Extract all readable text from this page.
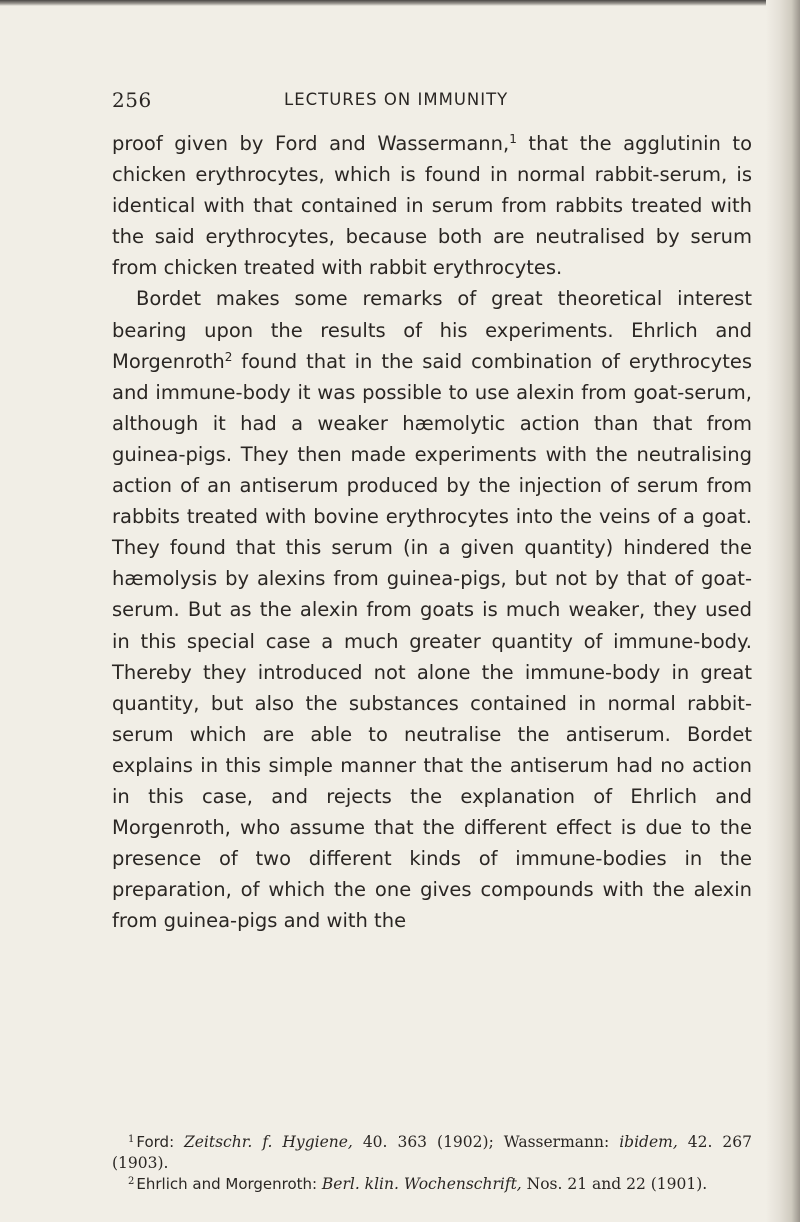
256	LECTURES ON IMMUNITY

proof given by Ford and Wassermann,$^1$ that the agglutinin to chicken erythrocytes, which is found in normal rabbit-serum, is identical with that contained in serum from rabbits treated with the said erythrocytes, because both are neutralised by serum from chicken treated with rabbit erythrocytes.

Bordet makes some remarks of great theoretical interest bearing upon the results of his experiments. Ehrlich and Morgenroth$^2$ found that in the said combination of erythrocytes and immune-body it was possible to use alexin from goat-serum, although it had a weaker hæmolytic action than that from guinea-pigs. They then made experiments with the neutralising action of an antiserum produced by the injection of serum from rabbits treated with bovine erythrocytes into the veins of a goat. They found that this serum (in a given quantity) hindered the hæmolysis by alexins from guinea-pigs, but not by that of goat-serum. But as the alexin from goats is much weaker, they used in this special case a much greater quantity of immune-body. Thereby they introduced not alone the immune-body in great quantity, but also the substances contained in normal rabbit-serum which are able to neutralise the antiserum. Bordet explains in this simple manner that the antiserum had no action in this case, and rejects the explanation of Ehrlich and Morgenroth, who assume that the different effect is due to the presence of two different kinds of immune-bodies in the preparation, of which the one gives compounds with the alexin from guinea-pigs and with the

$^1$ Ford: Zeitschr. f. Hygiene, 40. 363 (1902); Wassermann: ibidem, 42. 267 (1903).

$^2$ Ehrlich and Morgenroth: Berl. klin. Wochenschrift, Nos. 21 and 22 (1901).
